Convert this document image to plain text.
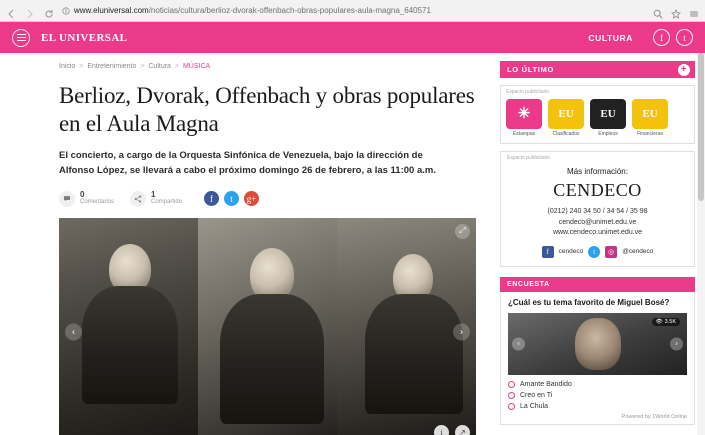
www.eluniversal.com /noticias/cultura/berlioz-dvorak-offenbach-obras-populares-aula-magna_640571
EL UNIVERSAL	CULTURA	f	t
Inicio > Entretenimiento > Cultura > MÚSICA
Berlioz, Dvorak, Offenbach y obras populares en el Aula Magna

El concierto, a cargo de la Orquesta Sinfónica de Venezuela, bajo la dirección de Alfonso López, se llevará a cabo el próximo domingo 26 de febrero, a las 11:00 a.m.

0
Comentarios
1
Compartido	f	t	g+
⤢
‹	›
i	↗
LO ÚLTIMO	+
Espacio publicitario
✳
Estampas
EU
Clasificados
EU
Empleos
EU
Financieras
Espacio publicitario
Más información:
CENDECO
(0212) 240 34 50 / 34 54 / 35 98
cendeco@unimet.edu.ve
www.cendeco.unimet.edu.ve
f	cendeco	t	◎	@cendeco
ENCUESTA
¿Cuál es tu tema favorito de Miguel Bosé?
👁 3.5K
‹	›
Amante Bandido
Creo en Ti
La Chula
Powered by 1World Online
